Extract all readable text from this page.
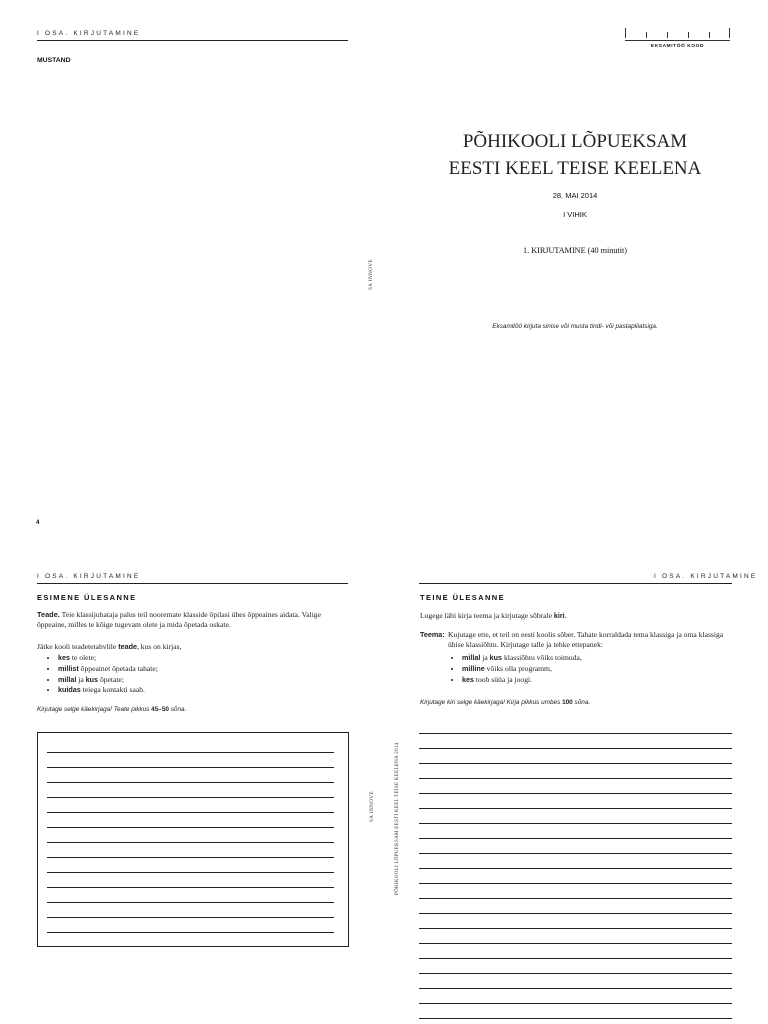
I OSA. KIRJUTAMINE
MUSTAND
4
SA INNOVE
EKSAMITÖÖ KOOD
PÕHIKOOLI LÕPUEKSAM
EESTI KEEL TEISE KEELENA
28. MAI 2014
I VIHIK
1. KIRJUTAMINE (40 minutit)
Eksamitöö kirjuta sinise või musta tindi- või pastapliiatsiga.
I OSA. KIRJUTAMINE
ESIMENE ÜLESANNE
Teade. Teie klassijuhataja palus teil nooremate klasside õpilasi ühes õppeaines aidata. Valige
õppeaine, milles te kõige tugevam olete ja mida õpetada oskate.
Jätke kooli teadetetahvlile teade, kus on kirjas,
• kes te olete;
• millist õppeainet õpetada tahate;
• millal ja kus õpetate;
• kuidas teiega kontakti saab.
Kirjutage selge käekirjaga! Teate pikkus 45–50 sõna.
SA INNOVE	PÕHIKOOLI LÕPUEKSAM EESTI KEEL TEISE KEELENA 2014
I OSA. KIRJUTAMINE
TEINE ÜLESANNE
Lugege läbi kirja teema ja kirjutage sõbrale kiri.
Teema: Kujutage ette, et teil on eesti koolis sõber. Tahate korraldada tema klassiga ja oma klassiga
ühise klassiõhtu. Kirjutage talle ja tehke ettepanek:
• millal ja kus klassiõhtu võiks toimuda,
• milline võiks olla programm,
• kes toob süüa ja joogi.
Kirjutage kiri selge käekirjaga! Kirja pikkus umbes 100 sõna.
